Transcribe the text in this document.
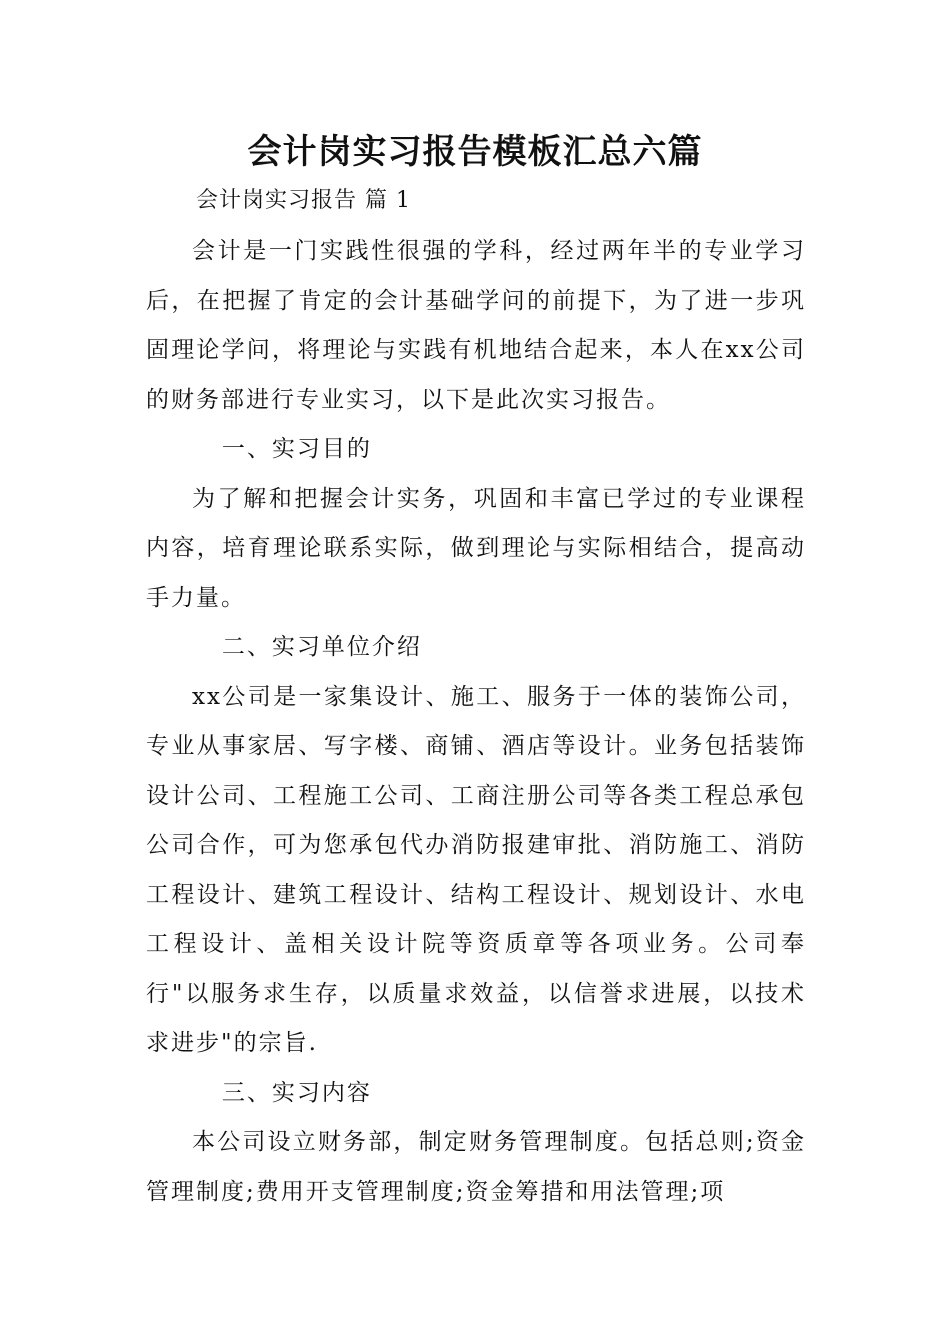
会计岗实习报告模板汇总六篇
会计岗实习报告 篇 1

会计是一门实践性很强的学科，经过两年半的专业学习后，在把握了肯定的会计基础学问的前提下，为了进一步巩固理论学问，将理论与实践有机地结合起来，本人在xx公司的财务部进行专业实习，以下是此次实习报告。

一、实习目的

为了解和把握会计实务，巩固和丰富已学过的专业课程内容，培育理论联系实际，做到理论与实际相结合，提高动手力量。

二、实习单位介绍

xx公司是一家集设计、施工、服务于一体的装饰公司，专业从事家居、写字楼、商铺、酒店等设计。业务包括装饰设计公司、工程施工公司、工商注册公司等各类工程总承包公司合作，可为您承包代办消防报建审批、消防施工、消防工程设计、建筑工程设计、结构工程设计、规划设计、水电工程设计、盖相关设计院等资质章等各项业务。公司奉行"以服务求生存，以质量求效益，以信誉求进展，以技术求进步"的宗旨.

三、实习内容

本公司设立财务部，制定财务管理制度。包括总则;资金管理制度;费用开支管理制度;资金筹措和用法管理;项
